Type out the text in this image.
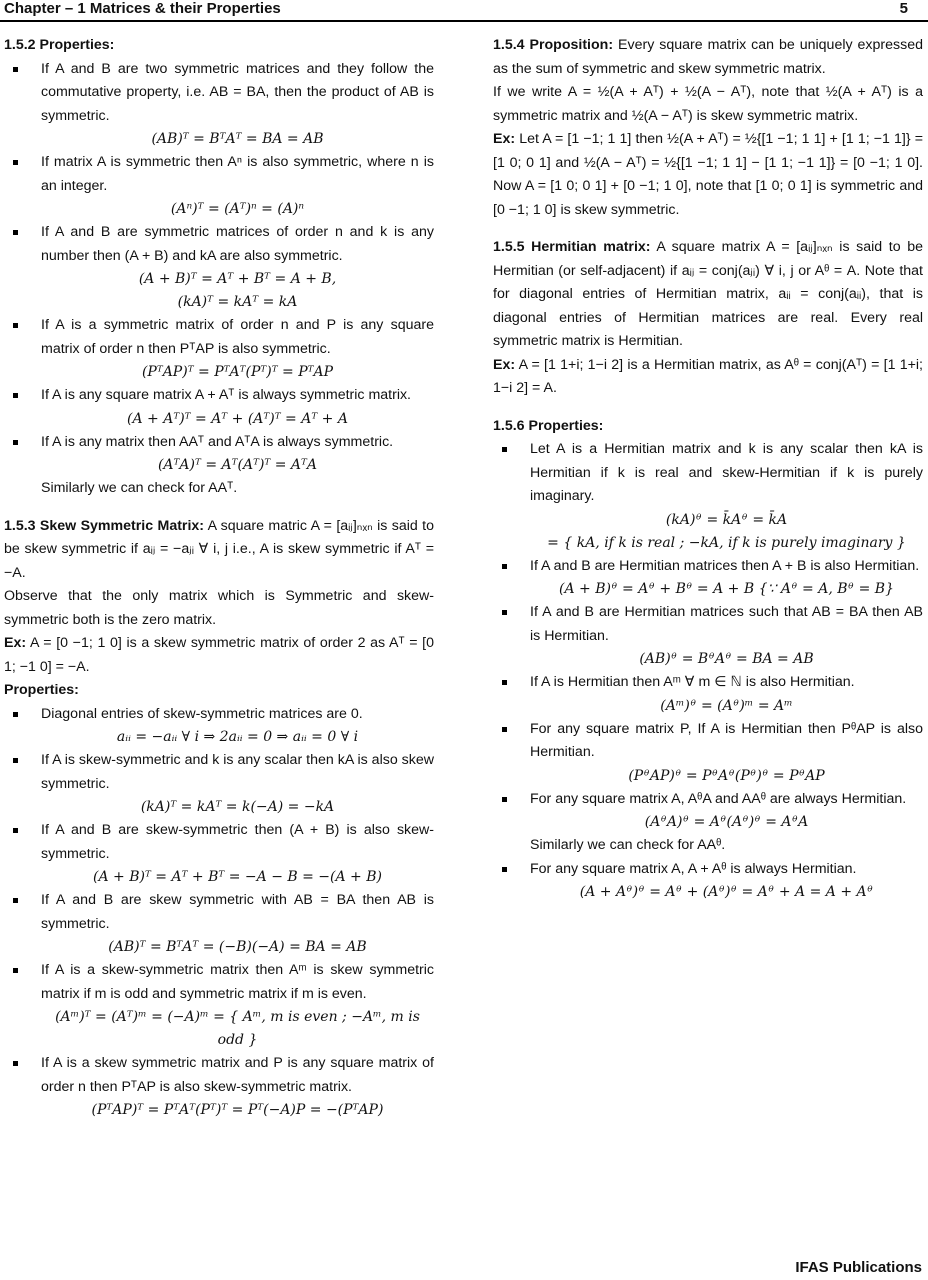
Chapter – 1 Matrices & their Properties	5
1.5.2 Properties:
If A and B are two symmetric matrices and they follow the commutative property, i.e. AB = BA, then the product of AB is symmetric.
(AB)ᵀ = BᵀAᵀ = BA = AB
If matrix A is symmetric then Aⁿ is also symmetric, where n is an integer.
(Aⁿ)ᵀ = (Aᵀ)ⁿ = (A)ⁿ
If A and B are symmetric matrices of order n and k is any number then (A + B) and kA are also symmetric.
(A + B)ᵀ = Aᵀ + Bᵀ = A + B,
(kA)ᵀ = kAᵀ = kA
If A is a symmetric matrix of order n and P is any square matrix of order n then PᵀAP is also symmetric.
(PᵀAP)ᵀ = PᵀAᵀ(Pᵀ)ᵀ = PᵀAP
If A is any square matrix A + Aᵀ is always symmetric matrix.
(A + Aᵀ)ᵀ = Aᵀ + (Aᵀ)ᵀ = Aᵀ + A
If A is any matrix then AAᵀ and AᵀA is always symmetric.
(AᵀA)ᵀ = Aᵀ(Aᵀ)ᵀ = AᵀA
Similarly we can check for AAᵀ.

1.5.3 Skew Symmetric Matrix: A square matric A = [aᵢⱼ]ₙₓₙ is said to be skew symmetric if aᵢⱼ = −aⱼᵢ ∀ i, j i.e., A is skew symmetric if Aᵀ = −A.

Observe that the only matrix which is Symmetric and skew-symmetric both is the zero matrix.

Ex: A = [0 −1; 1 0] is a skew symmetric matrix of order 2 as Aᵀ = [0 1; −1 0] = −A.

Properties:
Diagonal entries of skew-symmetric matrices are 0.
aᵢᵢ = −aᵢᵢ ∀ i ⇒ 2aᵢᵢ = 0 ⇒ aᵢᵢ = 0 ∀ i
If A is skew-symmetric and k is any scalar then kA is also skew symmetric.
(kA)ᵀ = kAᵀ = k(−A) = −kA
If A and B are skew-symmetric then (A + B) is also skew-symmetric.
(A + B)ᵀ = Aᵀ + Bᵀ = −A − B = −(A + B)
If A and B are skew symmetric with AB = BA then AB is symmetric.
(AB)ᵀ = BᵀAᵀ = (−B)(−A) = BA = AB
If A is a skew-symmetric matrix then Aᵐ is skew symmetric matrix if m is odd and symmetric matrix if m is even.
(Aᵐ)ᵀ = (Aᵀ)ᵐ = (−A)ᵐ = { Aᵐ, m is even ; −Aᵐ, m is odd }
If A is a skew symmetric matrix and P is any square matrix of order n then PᵀAP is also skew-symmetric matrix.
(PᵀAP)ᵀ = PᵀAᵀ(Pᵀ)ᵀ = Pᵀ(−A)P = −(PᵀAP)

1.5.4 Proposition: Every square matrix can be uniquely expressed as the sum of symmetric and skew symmetric matrix.

If we write A = ½(A + Aᵀ) + ½(A − Aᵀ), note that ½(A + Aᵀ) is a symmetric matrix and ½(A − Aᵀ) is skew symmetric matrix.

Ex: Let A = [1 −1; 1 1] then ½(A + Aᵀ) = ½{[1 −1; 1 1] + [1 1; −1 1]} = [1 0; 0 1] and ½(A − Aᵀ) = ½{[1 −1; 1 1] − [1 1; −1 1]} = [0 −1; 1 0]. Now A = [1 0; 0 1] + [0 −1; 1 0], note that [1 0; 0 1] is symmetric and [0 −1; 1 0] is skew symmetric.

1.5.5 Hermitian matrix: A square matrix A = [aᵢⱼ]ₙₓₙ is said to be Hermitian (or self-adjacent) if aᵢⱼ = conj(aⱼᵢ) ∀ i, j or Aᶿ = A. Note that for diagonal entries of Hermitian matrix, aᵢᵢ = conj(aᵢᵢ), that is diagonal entries of Hermitian matrices are real. Every real symmetric matrix is Hermitian.

Ex: A = [1 1+i; 1−i 2] is a Hermitian matrix, as Aᶿ = conj(Aᵀ) = [1 1+i; 1−i 2] = A.

1.5.6 Properties:
Let A is a Hermitian matrix and k is any scalar then kA is Hermitian if k is real and skew-Hermitian if k is purely imaginary.
(kA)ᶿ = k̄Aᶿ = k̄A
= { kA, if k is real ; −kA, if k is purely imaginary }
If A and B are Hermitian matrices then A + B is also Hermitian.
(A + B)ᶿ = Aᶿ + Bᶿ = A + B {∵ Aᶿ = A, Bᶿ = B}
If A and B are Hermitian matrices such that AB = BA then AB is Hermitian.
(AB)ᶿ = BᶿAᶿ = BA = AB
If A is Hermitian then Aᵐ ∀ m ∈ ℕ is also Hermitian.
(Aᵐ)ᶿ = (Aᶿ)ᵐ = Aᵐ
For any square matrix P, If A is Hermitian then PᶿAP is also Hermitian.
(PᶿAP)ᶿ = PᶿAᶿ(Pᶿ)ᶿ = PᶿAP
For any square matrix A, AᶿA and AAᶿ are always Hermitian.
(AᶿA)ᶿ = Aᶿ(Aᶿ)ᶿ = AᶿA
Similarly we can check for AAᶿ.
For any square matrix A, A + Aᶿ is always Hermitian.
(A + Aᶿ)ᶿ = Aᶿ + (Aᶿ)ᶿ = Aᶿ + A = A + Aᶿ
IFAS Publications
